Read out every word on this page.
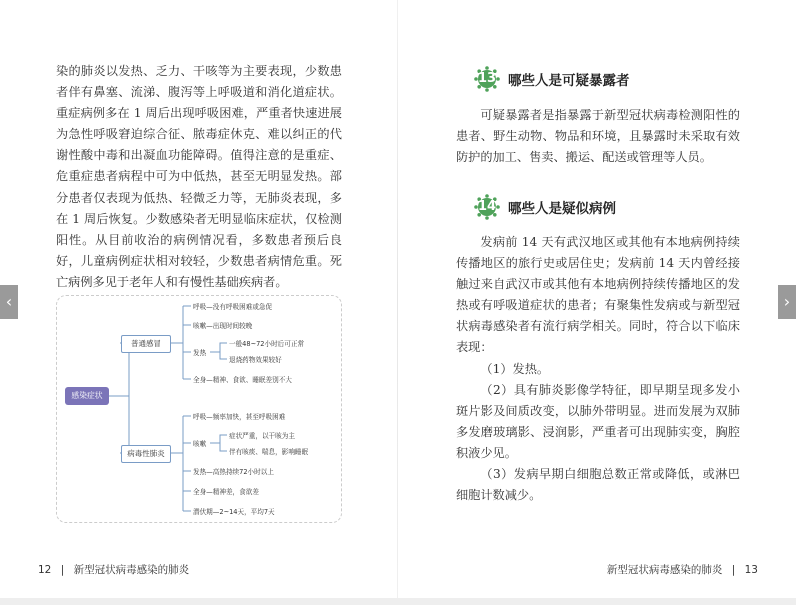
染的肺炎以发热、乏力、干咳等为主要表现，少数患者伴有鼻塞、流涕、腹泻等上呼吸道和消化道症状。重症病例多在 1 周后出现呼吸困难，严重者快速进展为急性呼吸窘迫综合征、脓毒症休克、难以纠正的代谢性酸中毒和出凝血功能障碍。值得注意的是重症、危重症患者病程中可为中低热，甚至无明显发热。部分患者仅表现为低热、轻微乏力等，无肺炎表现，多在 1 周后恢复。少数感染者无明显临床症状，仅检测阳性。从目前收治的病例情况看，多数患者预后良好，儿童病例症状相对较轻，少数患者病情危重。死亡病例多见于老年人和有慢性基础疾病者。

感染症状
普通感冒
呼吸—没有呼吸困难或急促
咳嗽—出现时间较晚
发热
一般48~72小时后可正常
退烧药物效果较好
全身—精神、食欲、睡眠差别不大
病毒性肺炎
呼吸—频率加快，甚至呼吸困难
咳嗽
症状严重，以干咳为主
伴有咳痰、喘息，影响睡眠
发热—高热持续72小时以上
全身—精神差，食欲差
潜伏期—2~14天，平均7天
12 | 新型冠状病毒感染的肺炎
13 哪些人是可疑暴露者

可疑暴露者是指暴露于新型冠状病毒检测阳性的患者、野生动物、物品和环境，且暴露时未采取有效防护的加工、售卖、搬运、配送或管理等人员。

14 哪些人是疑似病例

发病前 14 天有武汉地区或其他有本地病例持续传播地区的旅行史或居住史；发病前 14 天内曾经接触过来自武汉市或其他有本地病例持续传播地区的发热或有呼吸道症状的患者；有聚集性发病或与新型冠状病毒感染者有流行病学相关。同时，符合以下临床表现：

（1）发热。

（2）具有肺炎影像学特征，即早期呈现多发小斑片影及间质改变，以肺外带明显。进而发展为双肺多发磨玻璃影、浸润影，严重者可出现肺实变，胸腔积液少见。

（3）发病早期白细胞总数正常或降低，或淋巴细胞计数减少。

新型冠状病毒感染的肺炎 | 13
‹	›
